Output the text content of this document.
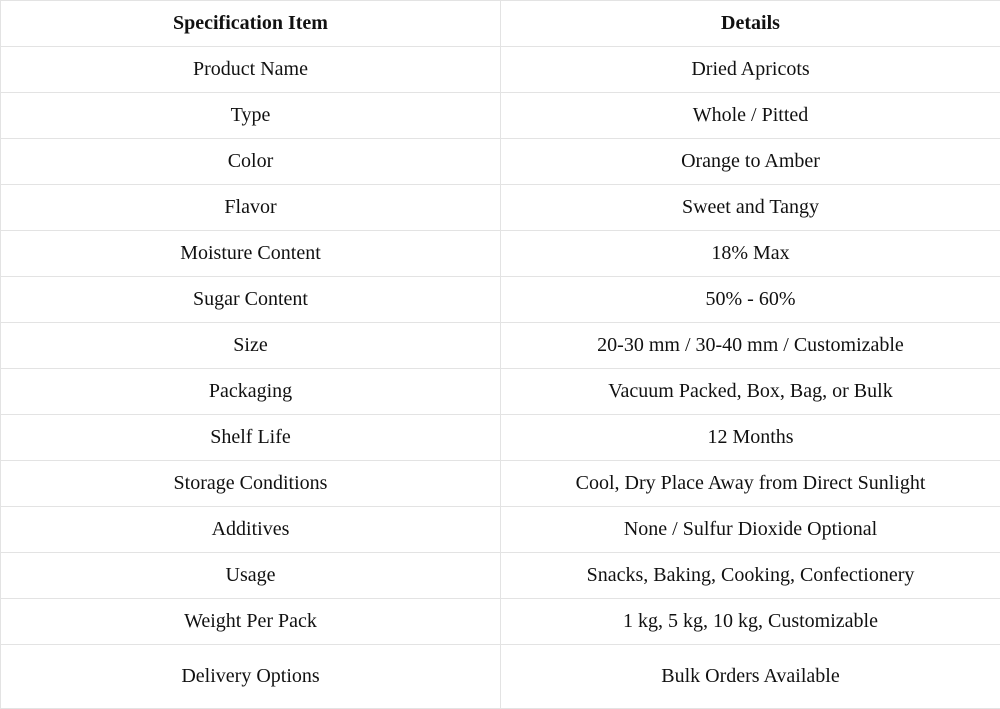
Specification Item	Details
Product Name	Dried Apricots
Type	Whole / Pitted
Color	Orange to Amber
Flavor	Sweet and Tangy
Moisture Content	18% Max
Sugar Content	50% - 60%
Size	20-30 mm / 30-40 mm / Customizable
Packaging	Vacuum Packed, Box, Bag, or Bulk
Shelf Life	12 Months
Storage Conditions	Cool, Dry Place Away from Direct Sunlight
Additives	None / Sulfur Dioxide Optional
Usage	Snacks, Baking, Cooking, Confectionery
Weight Per Pack	1 kg, 5 kg, 10 kg, Customizable
Delivery Options	Bulk Orders Available
